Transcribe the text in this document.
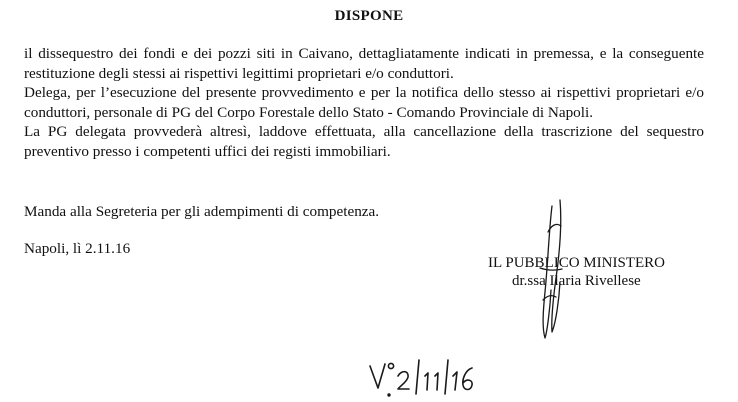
DISPONE

il dissequestro dei fondi e dei pozzi siti in Caivano, dettagliatamente indicati in premessa, e la conseguente restituzione degli stessi ai rispettivi legittimi proprietari e/o conduttori.

Delega, per l’esecuzione del presente provvedimento e per la notifica dello stesso ai rispettivi proprietari e/o conduttori, personale di PG del Corpo Forestale dello Stato - Comando Provinciale di Napoli.

La PG delegata provvederà altresì, laddove effettuata, alla cancellazione della trascrizione del sequestro preventivo presso i competenti uffici dei registi immobiliari.

Manda alla Segreteria per gli adempimenti di competenza.
Napoli, lì 2.11.16
IL PUBBLICO MINISTERO
dr.ssa Ilaria Rivellese
